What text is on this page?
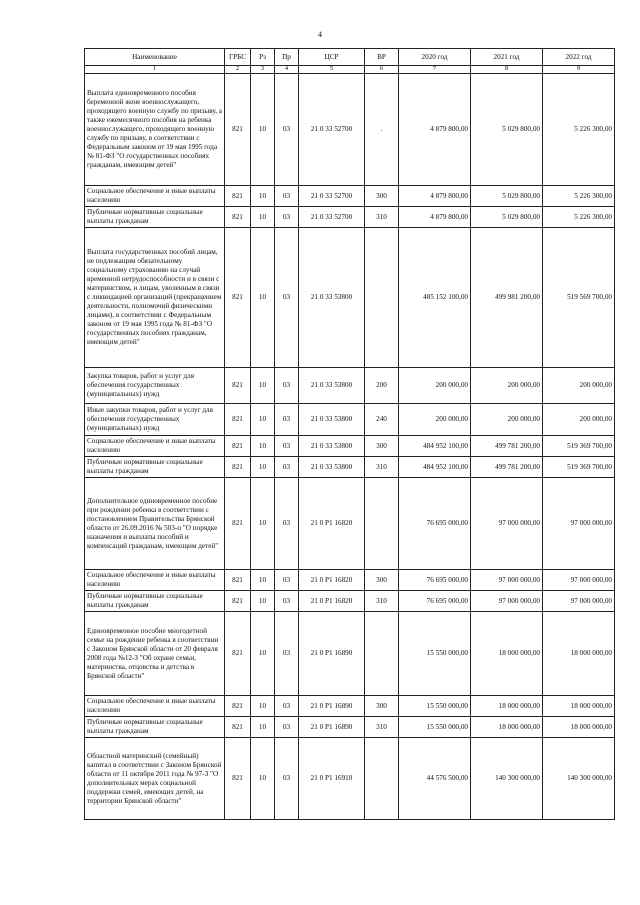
4
Наименование	ГРБС	Рз	Пр	ЦСР	ВР	2020 год	2021 год	2022 год
1	2	3	4	5	6	7	8	9
Выплата единовременного пособия беременной жене военнослужащего, проходящего военную службу по призыву, а также ежемесячного пособия на ребенка военнослужащего, проходящего военную службу по призыву, в соответствии с Федеральным законом от 19 мая 1995 года № 81-ФЗ "О государственных пособиях гражданам, имеющим детей"	821	10	03	21 0 33 52700	.	4 879 800,00	5 029 800,00	5 226 300,00
Социальное обеспечение и иные выплаты населению	821	10	03	21 0 33 52700	300	4 879 800,00	5 029 800,00	5 226 300,00
Публичные нормативные социальные выплаты гражданам	821	10	03	21 0 33 52700	310	4 879 800,00	5 029 800,00	5 226 300,00
Выплата государственных пособий лицам, не подлежащим обязательному социальному страхованию на случай временной нетрудоспособности и в связи с материнством, и лицам, уволенным в связи с ликвидацией организаций (прекращением деятельности, полномочий физическими лицами), в соответствии с Федеральным законом от 19 мая 1995 года № 81-ФЗ "О государственных пособиях гражданам, имеющим детей"	821	10	03	21 0 33 53800		485 152 100,00	499 981 200,00	519 569 700,00
Закупка товаров, работ и услуг для обеспечения государственных (муниципальных) нужд	821	10	03	21 0 33 53800	200	200 000,00	200 000,00	200 000,00
Иные закупки товаров, работ и услуг для обеспечения государственных (муниципальных) нужд	821	10	03	21 0 33 53800	240	200 000,00	200 000,00	200 000,00
Социальное обеспечение и иные выплаты населению	821	10	03	21 0 33 53800	300	484 952 100,00	499 781 200,00	519 369 700,00
Публичные нормативные социальные выплаты гражданам	821	10	03	21 0 33 53800	310	484 952 100,00	499 781 200,00	519 369 700,00
Дополнительное единовременное пособие при рождении ребенка в соответствии с постановлением Правительства Брянской области от 26.09.2016 № 503-п "О порядке назначения и выплаты пособий и компенсаций гражданам, имеющим детей"	821	10	03	21 0 P1 16820		76 695 000,00	97 000 000,00	97 000 000,00
Социальное обеспечение и иные выплаты населению	821	10	03	21 0 P1 16820	300	76 695 000,00	97 000 000,00	97 000 000,00
Публичные нормативные социальные выплаты гражданам	821	10	03	21 0 P1 16820	310	76 695 000,00	97 000 000,00	97 000 000,00
Единовременное пособие многодетной семье на рождение ребенка в соответствии с Законом Брянской области от 20 февраля 2008 года №12-З "Об охране семьи, материнства, отцовства и детства в Брянской области"	821	10	03	21 0 P1 16890		15 550 000,00	18 000 000,00	18 000 000,00
Социальное обеспечение и иные выплаты населению	821	10	03	21 0 P1 16890	300	15 550 000,00	18 000 000,00	18 000 000,00
Публичные нормативные социальные выплаты гражданам	821	10	03	21 0 P1 16890	310	15 550 000,00	18 000 000,00	18 000 000,00
Областной материнский (семейный) капитал в соответствии с Законом Брянской области от 11 октября 2011 года № 97-З "О дополнительных мерах социальной поддержки семей, имеющих детей, на территории Брянской области"	821	10	03	21 0 P1 16910		44 576 500,00	140 300 000,00	140 300 000,00
